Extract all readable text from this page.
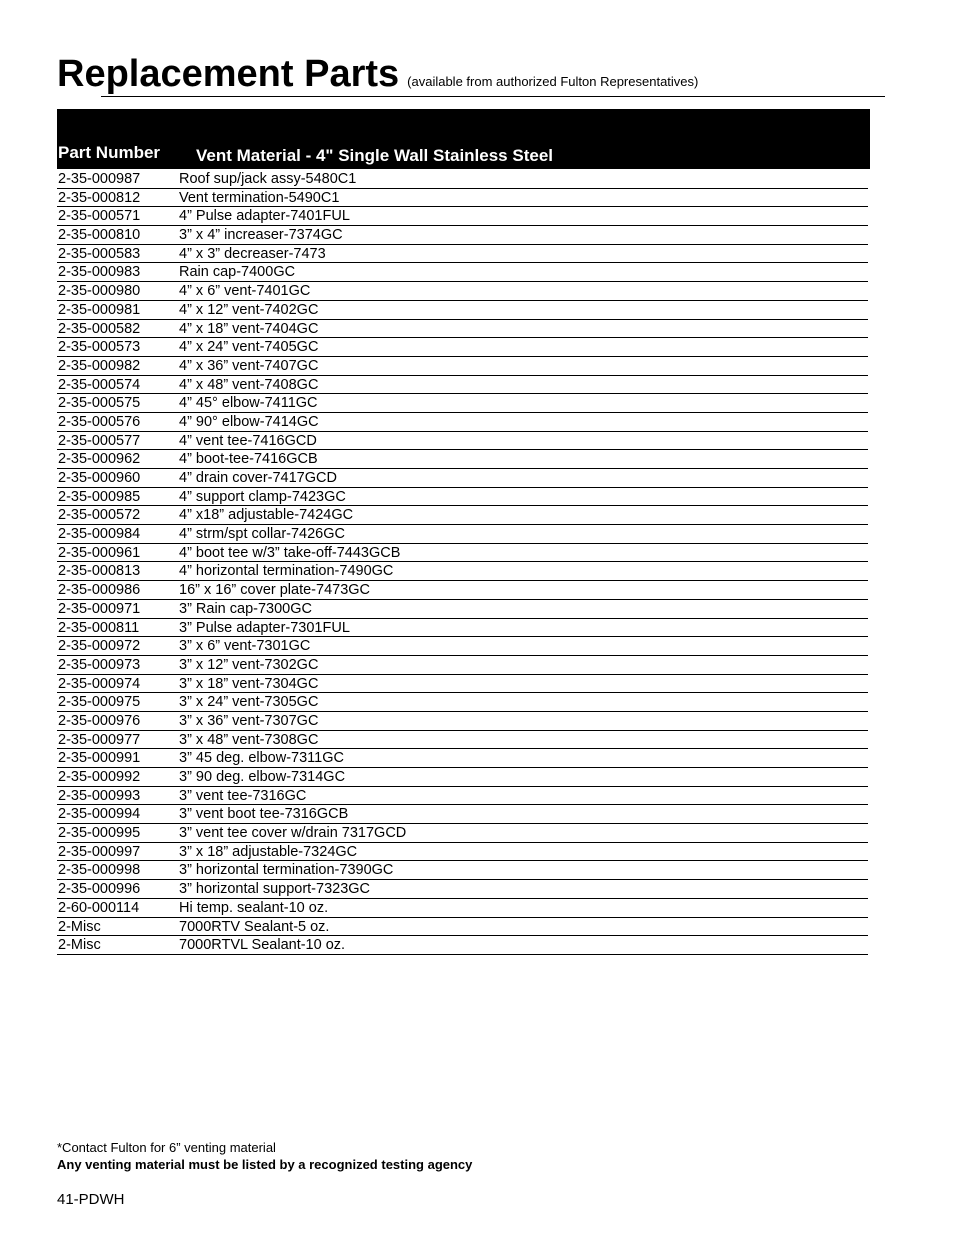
Replacement Parts (available from authorized Fulton Representatives)
Part Number Vent Material - 4" Single Wall Stainless Steel
2-35-000987	Roof sup/jack assy-5480C1
2-35-000812	Vent termination-5490C1
2-35-000571	4” Pulse adapter-7401FUL
2-35-000810	3” x 4” increaser-7374GC
2-35-000583	4” x 3” decreaser-7473
2-35-000983	Rain cap-7400GC
2-35-000980	4” x 6” vent-7401GC
2-35-000981	4” x 12” vent-7402GC
2-35-000582	4” x 18” vent-7404GC
2-35-000573	4” x 24” vent-7405GC
2-35-000982	4” x 36” vent-7407GC
2-35-000574	4” x 48” vent-7408GC
2-35-000575	4” 45° elbow-7411GC
2-35-000576	4” 90° elbow-7414GC
2-35-000577	4” vent tee-7416GCD
2-35-000962	4” boot-tee-7416GCB
2-35-000960	4” drain cover-7417GCD
2-35-000985	4” support clamp-7423GC
2-35-000572	4” x18” adjustable-7424GC
2-35-000984	4” strm/spt collar-7426GC
2-35-000961	4” boot tee w/3” take-off-7443GCB
2-35-000813	4” horizontal termination-7490GC
2-35-000986	16” x 16” cover plate-7473GC
2-35-000971	3” Rain cap-7300GC
2-35-000811	3” Pulse adapter-7301FUL
2-35-000972	3” x 6” vent-7301GC
2-35-000973	3” x 12” vent-7302GC
2-35-000974	3” x 18” vent-7304GC
2-35-000975	3” x 24” vent-7305GC
2-35-000976	3” x 36” vent-7307GC
2-35-000977	3” x 48” vent-7308GC
2-35-000991	3” 45 deg. elbow-7311GC
2-35-000992	3” 90 deg. elbow-7314GC
2-35-000993	3” vent tee-7316GC
2-35-000994	3” vent boot tee-7316GCB
2-35-000995	3” vent tee cover w/drain 7317GCD
2-35-000997	3” x 18” adjustable-7324GC
2-35-000998	3” horizontal termination-7390GC
2-35-000996	3” horizontal support-7323GC
2-60-000114	Hi temp. sealant-10 oz.
2-Misc	7000RTV Sealant-5 oz.
2-Misc	7000RTVL Sealant-10 oz.
*Contact Fulton for 6” venting material
Any venting material must be listed by a recognized testing agency
41-PDWH
